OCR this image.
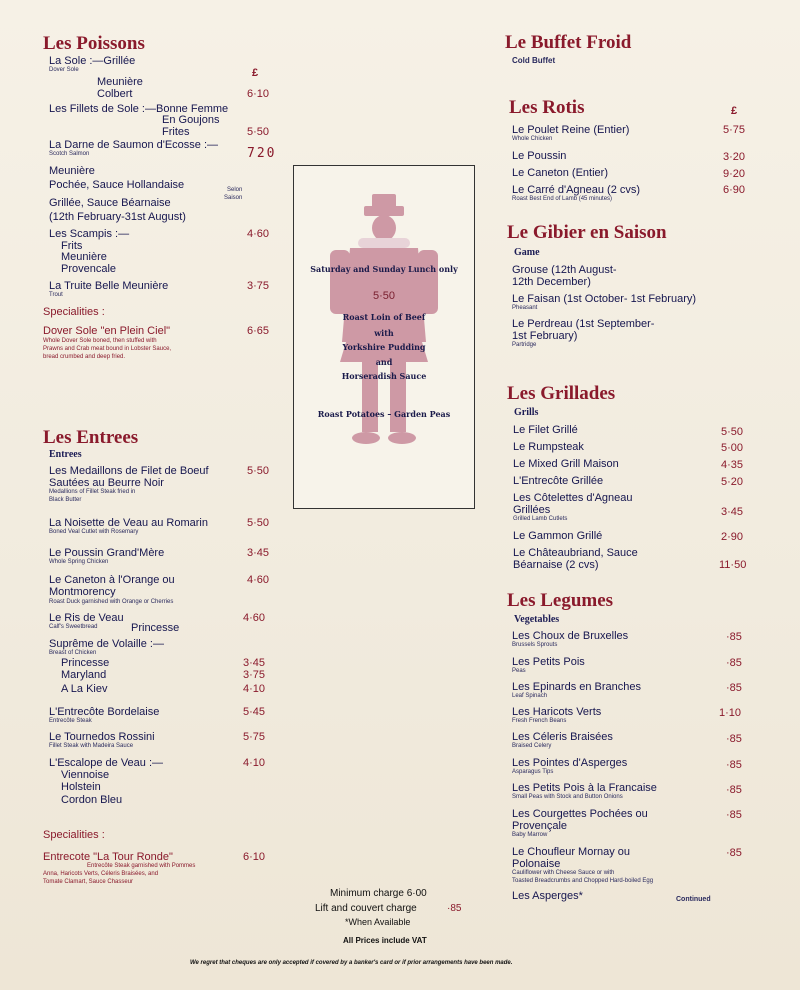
Les Poissons
£
La Sole :—Grillée
Dover Sole
Meunière
Colbert	6·10
Les Fillets de Sole :—Bonne Femme
En Goujons
Frites	5·50
La Darne de Saumon d'Ecosse :—
Scotch Salmon	720
Meunière
Pochée, Sauce Hollandaise	Selon
Saison
Grillée, Sauce Béarnaise
(12th February-31st August)
Les Scampis :—	4·60
Frits
Meunière
Provencale
La Truite Belle Meunière
Trout
3·75
Specialities :
Dover Sole "en Plein Ciel"	6·65
Whole Dover Sole boned, then stuffed with
Prawns and Crab meat bound in Lobster Sauce,
bread crumbed and deep fried.
Les Entrees
Entrees
Les Medaillons de Filet de Boeuf
Sautées au Beurre Noir
5·50
Medallions of Fillet Steak fried in
Black Butter
La Noisette de Veau au Romarin
Boned Veal Cutlet with Rosemary
5·50
Le Poussin Grand'Mère
Whole Spring Chicken
3·45
Le Caneton à l'Orange ou
Montmorency
Roast Duck garnished with Orange or Cherries
4·60
Le Ris de Veau
Calf's Sweetbread	Princesse
4·60
Suprême de Volaille :—
Breast of Chicken
Princesse	3·45
Maryland	3·75
A La Kiev	4·10
L'Entrecôte Bordelaise
Entrecôte Steak
5·45
Le Tournedos Rossini
Fillet Steak with Madeira Sauce
5·75
L'Escalope de Veau :—	4·10
Viennoise
Holstein
Cordon Bleu
Specialities :
Entrecote "La Tour Ronde"	6·10
Entrecôte Steak garnished with Pommes
Anna, Haricots Verts, Céleris Braisées, and
Tomate Clamart, Sauce Chasseur
Saturday and Sunday Lunch only
5·50
Roast Loin of Beef
with
Yorkshire Pudding
and
Horseradish Sauce
Roast Potatoes – Garden Peas
Le Buffet Froid
Cold Buffet
Les Rotis	£
Le Poulet Reine (Entier)
Whole Chicken
5·75
Le Poussin	3·20
Le Caneton (Entier)	9·20
Le Carré d'Agneau (2 cvs)
Roast Best End of Lamb (45 minutes)
6·90
Le Gibier en Saison
Game
Grouse (12th August-
12th December)
Le Faisan (1st October- 1st February)
Pheasant
Le Perdreau (1st September-
1st February)
Partridge
Les Grillades
Grills
Le Filet Grillé	5·50
Le Rumpsteak	5·00
Le Mixed Grill Maison	4·35
L'Entrecôte Grillée	5·20
Les Côtelettes d'Agneau
Grillées
Grilled Lamb Cutlets
3·45
Le Gammon Grillé	2·90
Le Châteaubriand, Sauce
Béarnaise (2 cvs)	11·50
Les Legumes
Vegetables
Les Choux de Bruxelles
Brussels Sprouts
·85
Les Petits Pois
Peas
·85
Les Epinards en Branches
Leaf Spinach
·85
Les Haricots Verts
Fresh French Beans
1·10
Les Céleris Braisées
Braised Celery
·85
Les Pointes d'Asperges
Asparagus Tips
·85
Les Petits Pois à la Francaise
Small Peas with Stock and Button Onions
·85
Les Courgettes Pochées ou
Provençale
Baby Marrow
·85
Le Choufleur Mornay ou
Polonaise
Cauliflower with Cheese Sauce or with
Toasted Breadcrumbs and Chopped Hard-boiled Egg
·85
Les Asperges*	Continued
Minimum charge 6·00
Lift and couvert charge	·85
*When Available
All Prices include VAT
We regret that cheques are only accepted if covered by a banker's card or if prior arrangements have been made.
